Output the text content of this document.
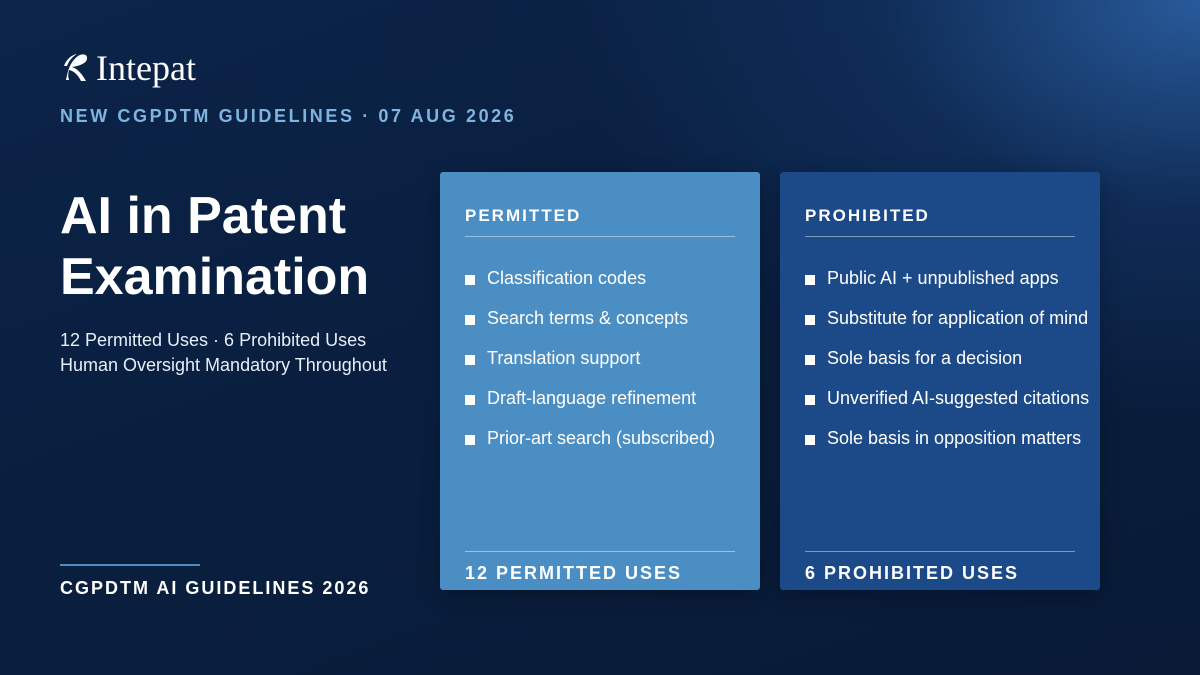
Intepat
NEW CGPDTM GUIDELINES · 07 AUG 2026
AI in Patent Examination
12 Permitted Uses · 6 Prohibited Uses
Human Oversight Mandatory Throughout
CGPDTM AI GUIDELINES 2026
PERMITTED
Classification codes
Search terms & concepts
Translation support
Draft-language refinement
Prior-art search (subscribed)
12 PERMITTED USES
PROHIBITED
Public AI + unpublished apps
Substitute for application of mind
Sole basis for a decision
Unverified AI-suggested citations
Sole basis in opposition matters
6 PROHIBITED USES
